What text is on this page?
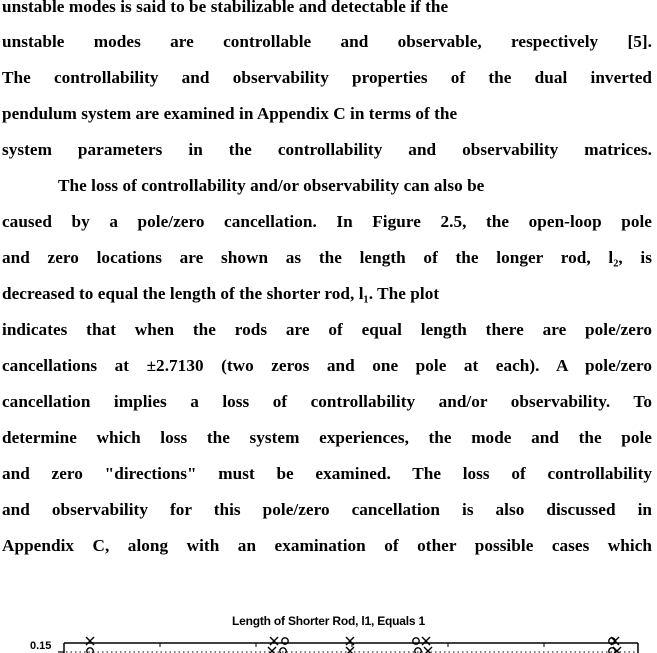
unstable modes is said to be stabilizable and detectable if the
unstable modes are controllable and observable, respectively [5].
The controllability and observability properties of the dual inverted
pendulum system are examined in Appendix C in terms of the
system parameters in the controllability and observability matrices.
The loss of controllability and/or observability can also be
caused by a pole/zero cancellation. In Figure 2.5, the open-loop pole
and zero locations are shown as the length of the longer rod, l₂, is
decreased to equal the length of the shorter rod, l₁. The plot
indicates that when the rods are of equal length there are pole/zero
cancellations at ±2.7130 (two zeros and one pole at each). A pole/zero
cancellation implies a loss of controllability and/or observability. To
determine which loss the system experiences, the mode and the pole
and zero "directions" must be examined. The loss of controllability
and observability for this pole/zero cancellation is also discussed in
Appendix C, along with an examination of other possible cases which
Length of Shorter Rod, l1, Equals 1
0.15
